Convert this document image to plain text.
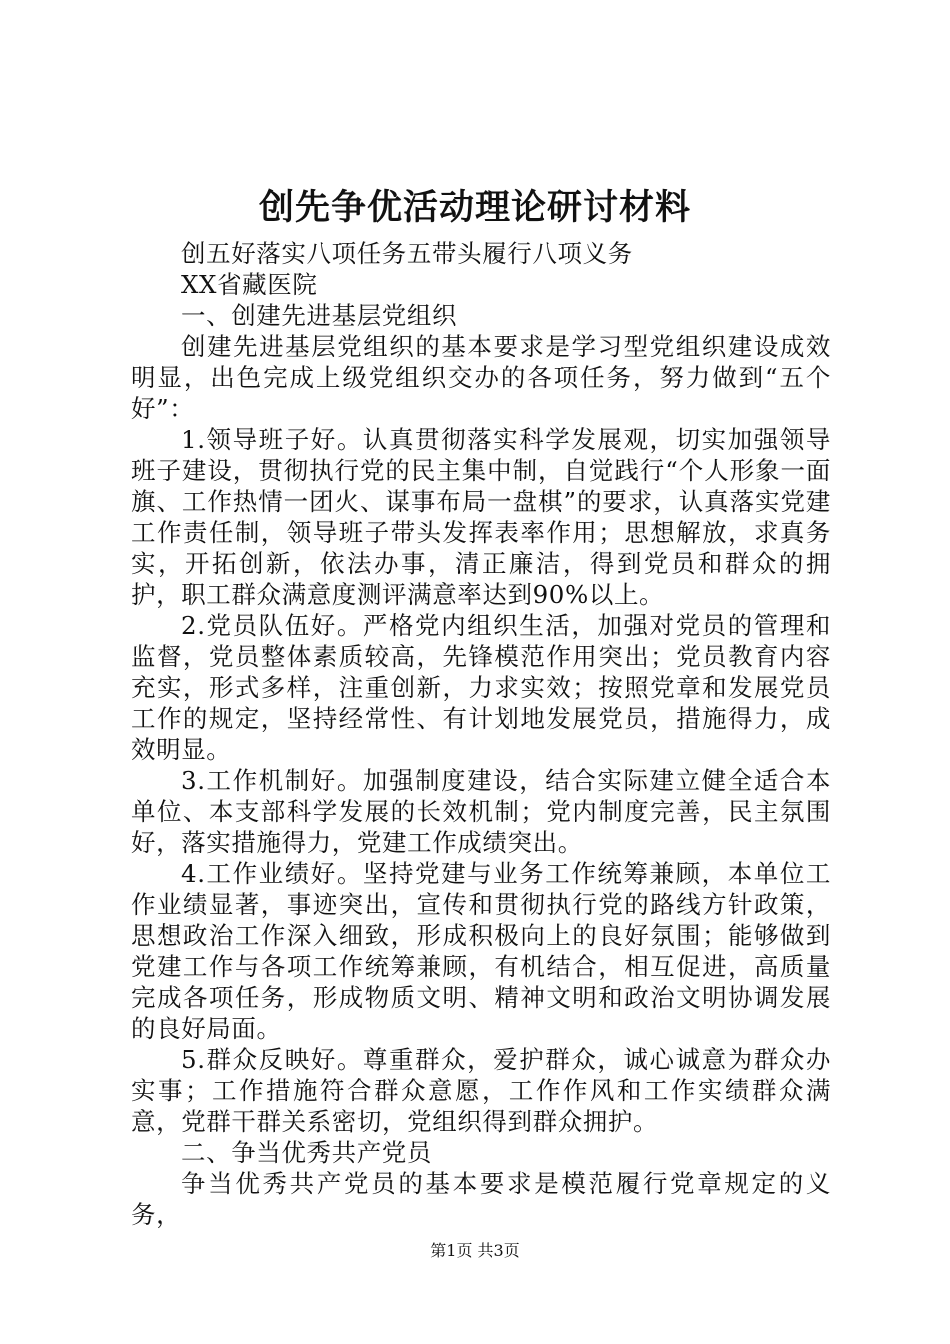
创先争优活动理论研讨材料

创五好落实八项任务五带头履行八项义务

XX省藏医院

一、创建先进基层党组织

创建先进基层党组织的基本要求是学习型党组织建设成效明显，出色完成上级党组织交办的各项任务，努力做到“五个好”：

1.领导班子好。认真贯彻落实科学发展观，切实加强领导班子建设，贯彻执行党的民主集中制，自觉践行“个人形象一面旗、工作热情一团火、谋事布局一盘棋”的要求，认真落实党建工作责任制，领导班子带头发挥表率作用；思想解放，求真务实，开拓创新，依法办事，清正廉洁，得到党员和群众的拥护，职工群众满意度测评满意率达到90%以上。

2.党员队伍好。严格党内组织生活，加强对党员的管理和监督，党员整体素质较高，先锋模范作用突出；党员教育内容充实，形式多样，注重创新，力求实效；按照党章和发展党员工作的规定，坚持经常性、有计划地发展党员，措施得力，成效明显。

3.工作机制好。加强制度建设，结合实际建立健全适合本单位、本支部科学发展的长效机制；党内制度完善，民主氛围好，落实措施得力，党建工作成绩突出。

4.工作业绩好。坚持党建与业务工作统筹兼顾，本单位工作业绩显著，事迹突出，宣传和贯彻执行党的路线方针政策，思想政治工作深入细致，形成积极向上的良好氛围；能够做到党建工作与各项工作统筹兼顾，有机结合，相互促进，高质量完成各项任务，形成物质文明、精神文明和政治文明协调发展的良好局面。

5.群众反映好。尊重群众，爱护群众，诚心诚意为群众办实事；工作措施符合群众意愿，工作作风和工作实绩群众满意，党群干群关系密切，党组织得到群众拥护。

二、争当优秀共产党员

争当优秀共产党员的基本要求是模范履行党章规定的义务，

第1页 共3页
